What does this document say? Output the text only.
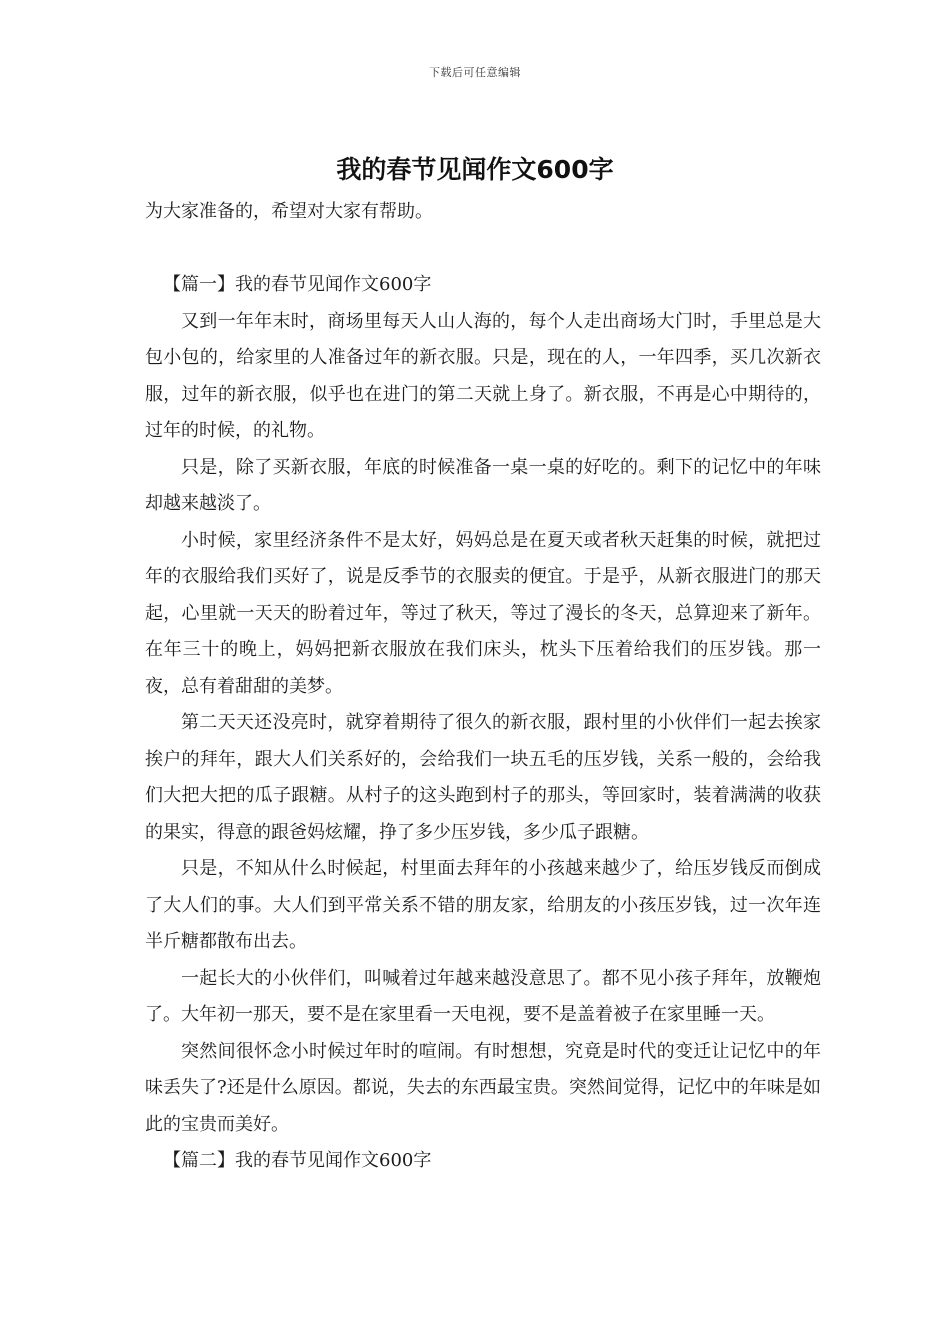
下载后可任意编辑
我的春节见闻作文600字

为大家准备的，希望对大家有帮助。

【篇一】我的春节见闻作文600字

又到一年年末时，商场里每天人山人海的，每个人走出商场大门时，手里总是大包小包的，给家里的人准备过年的新衣服。只是，现在的人，一年四季，买几次新衣服，过年的新衣服，似乎也在进门的第二天就上身了。新衣服，不再是心中期待的，过年的时候，的礼物。

只是，除了买新衣服，年底的时候准备一桌一桌的好吃的。剩下的记忆中的年味却越来越淡了。

小时候，家里经济条件不是太好，妈妈总是在夏天或者秋天赶集的时候，就把过年的衣服给我们买好了，说是反季节的衣服卖的便宜。于是乎，从新衣服进门的那天起，心里就一天天的盼着过年，等过了秋天，等过了漫长的冬天，总算迎来了新年。在年三十的晚上，妈妈把新衣服放在我们床头，枕头下压着给我们的压岁钱。那一夜，总有着甜甜的美梦。

第二天天还没亮时，就穿着期待了很久的新衣服，跟村里的小伙伴们一起去挨家挨户的拜年，跟大人们关系好的，会给我们一块五毛的压岁钱，关系一般的，会给我们大把大把的瓜子跟糖。从村子的这头跑到村子的那头，等回家时，装着满满的收获的果实，得意的跟爸妈炫耀，挣了多少压岁钱，多少瓜子跟糖。

只是，不知从什么时候起，村里面去拜年的小孩越来越少了，给压岁钱反而倒成了大人们的事。大人们到平常关系不错的朋友家，给朋友的小孩压岁钱，过一次年连半斤糖都散布出去。

一起长大的小伙伴们，叫喊着过年越来越没意思了。都不见小孩子拜年，放鞭炮了。大年初一那天，要不是在家里看一天电视，要不是盖着被子在家里睡一天。

突然间很怀念小时候过年时的喧闹。有时想想，究竟是时代的变迁让记忆中的年味丢失了?还是什么原因。都说，失去的东西最宝贵。突然间觉得，记忆中的年味是如此的宝贵而美好。

【篇二】我的春节见闻作文600字
